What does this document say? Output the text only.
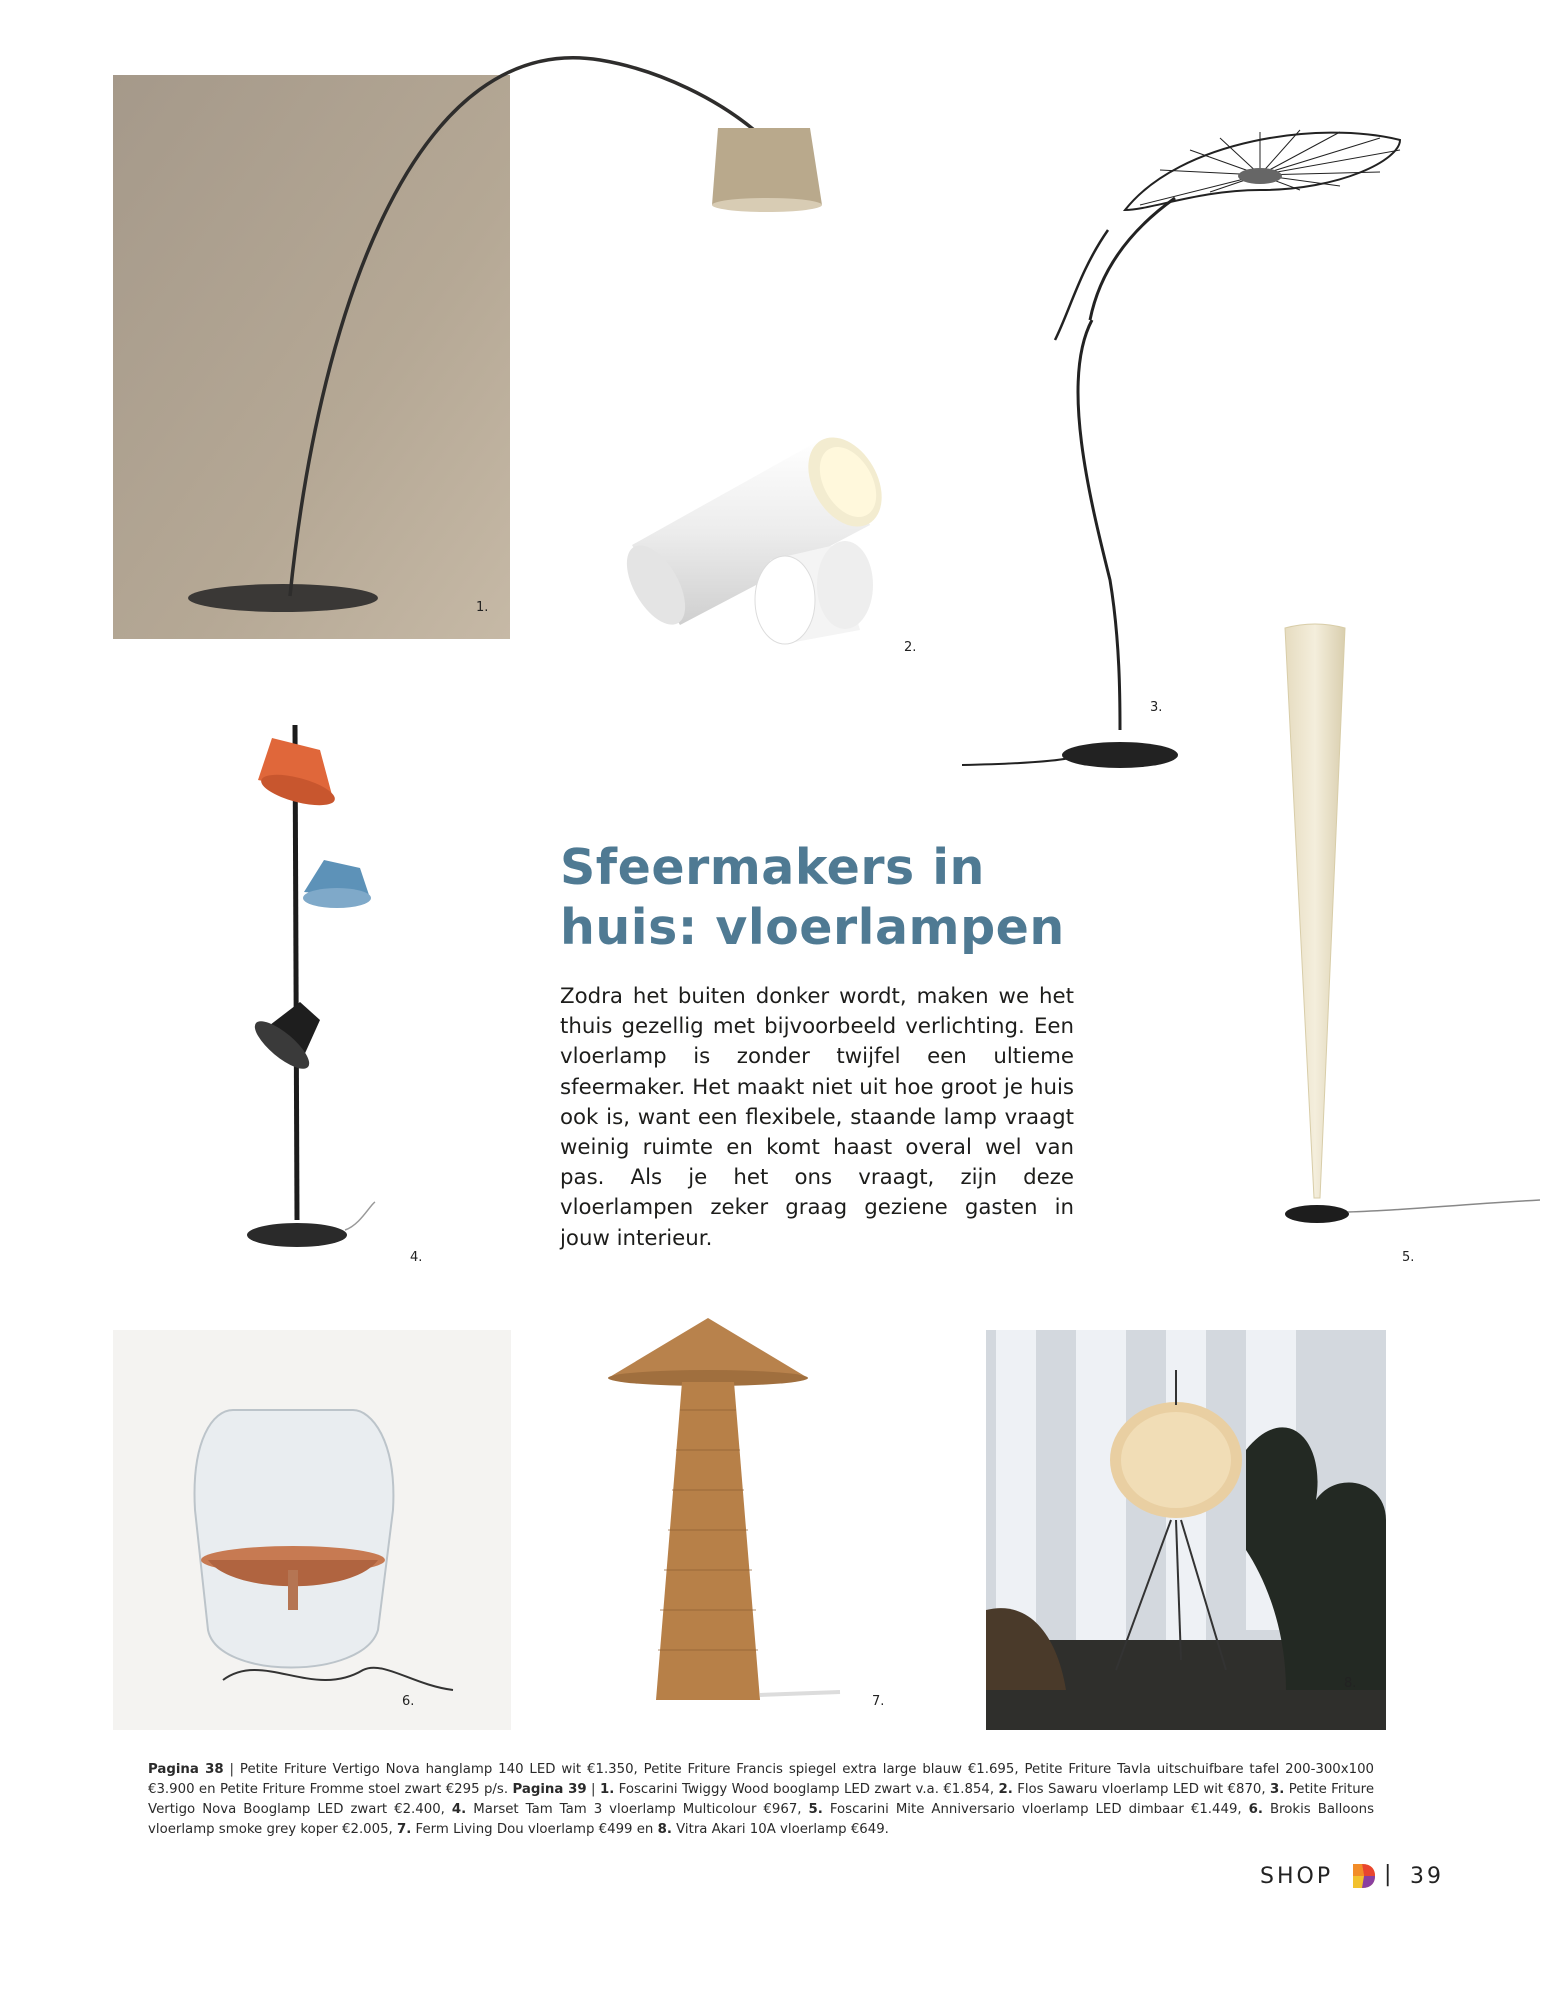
1.
2.
3.
4.
Sfeermakers in huis: vloerlampen

Zodra het buiten donker wordt, maken we het thuis gezellig met bijvoorbeeld verlichting. Een vloerlamp is zonder twijfel een ultieme sfeermaker. Het maakt niet uit hoe groot je huis ook is, want een flexibele, staande lamp vraagt weinig ruimte en komt haast overal wel van pas. Als je het ons vraagt, zijn deze vloerlampen zeker graag geziene gasten in jouw interieur.

5.
6.	7.
8.

Pagina 38 | Petite Friture Vertigo Nova hanglamp 140 LED wit €1.350, Petite Friture Francis spiegel extra large blauw €1.695, Petite Friture Tavla uitschuifbare tafel 200-300x100 €3.900 en Petite Friture Fromme stoel zwart €295 p/s. Pagina 39 | 1. Foscarini Twiggy Wood booglamp LED zwart v.a. €1.854, 2. Flos Sawaru vloerlamp LED wit €870, 3. Petite Friture Vertigo Nova Booglamp LED zwart €2.400, 4. Marset Tam Tam 3 vloerlamp Multicolour €967, 5. Foscarini Mite Anniversario vloerlamp LED dimbaar €1.449, 6. Brokis Balloons vloerlamp smoke grey koper €2.005, 7. Ferm Living Dou vloerlamp €499 en 8. Vitra Akari 10A vloerlamp €649.

SHOP | 39
